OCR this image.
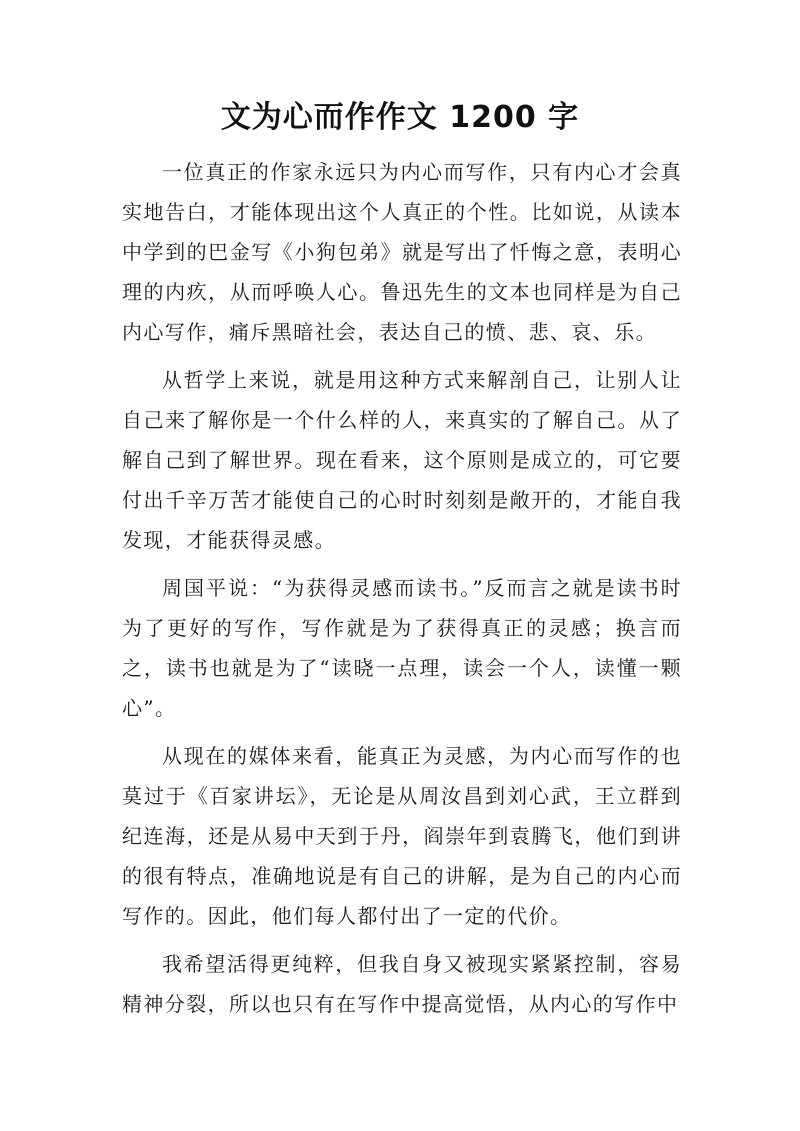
文为心而作作文 1200 字

一位真正的作家永远只为内心而写作，只有内心才会真实地告白，才能体现出这个人真正的个性。比如说，从读本中学到的巴金写《小狗包弟》就是写出了忏悔之意，表明心理的内疚，从而呼唤人心。鲁迅先生的文本也同样是为自己内心写作，痛斥黑暗社会，表达自己的愤、悲、哀、乐。

从哲学上来说，就是用这种方式来解剖自己，让别人让自己来了解你是一个什么样的人，来真实的了解自己。从了解自己到了解世界。现在看来，这个原则是成立的，可它要付出千辛万苦才能使自己的心时时刻刻是敞开的，才能自我发现，才能获得灵感。

周国平说：“为获得灵感而读书。”反而言之就是读书时为了更好的写作，写作就是为了获得真正的灵感；换言而之，读书也就是为了“读晓一点理，读会一个人，读懂一颗心”。

从现在的媒体来看，能真正为灵感，为内心而写作的也莫过于《百家讲坛》，无论是从周汝昌到刘心武，王立群到纪连海，还是从易中天到于丹，阎崇年到袁腾飞，他们到讲的很有特点，准确地说是有自己的讲解，是为自己的内心而写作的。因此，他们每人都付出了一定的代价。

我希望活得更纯粹，但我自身又被现实紧紧控制，容易精神分裂，所以也只有在写作中提高觉悟，从内心的写作中
